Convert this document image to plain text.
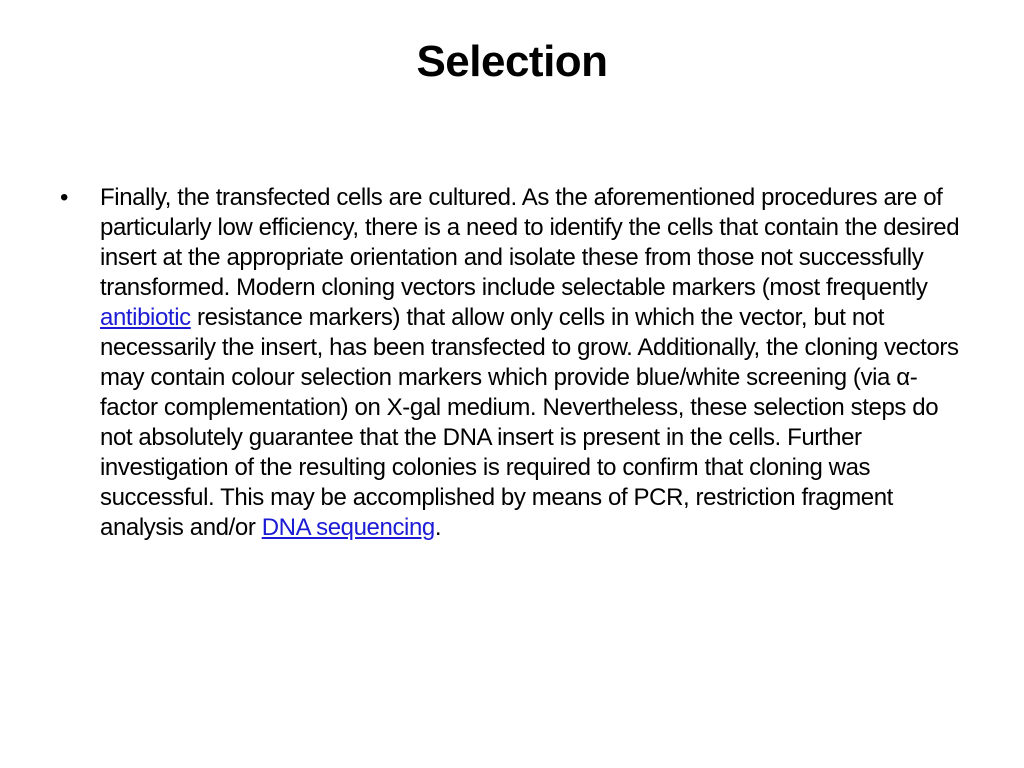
Selection
• Finally, the transfected cells are cultured. As the aforementioned procedures are of particularly low efficiency, there is a need to identify the cells that contain the desired insert at the appropriate orientation and isolate these from those not successfully transformed. Modern cloning vectors include selectable markers (most frequently antibiotic resistance markers) that allow only cells in which the vector, but not necessarily the insert, has been transfected to grow. Additionally, the cloning vectors may contain colour selection markers which provide blue/white screening (via α-factor complementation) on X-gal medium. Nevertheless, these selection steps do not absolutely guarantee that the DNA insert is present in the cells. Further investigation of the resulting colonies is required to confirm that cloning was successful. This may be accomplished by means of PCR, restriction fragment analysis and/or DNA sequencing.
